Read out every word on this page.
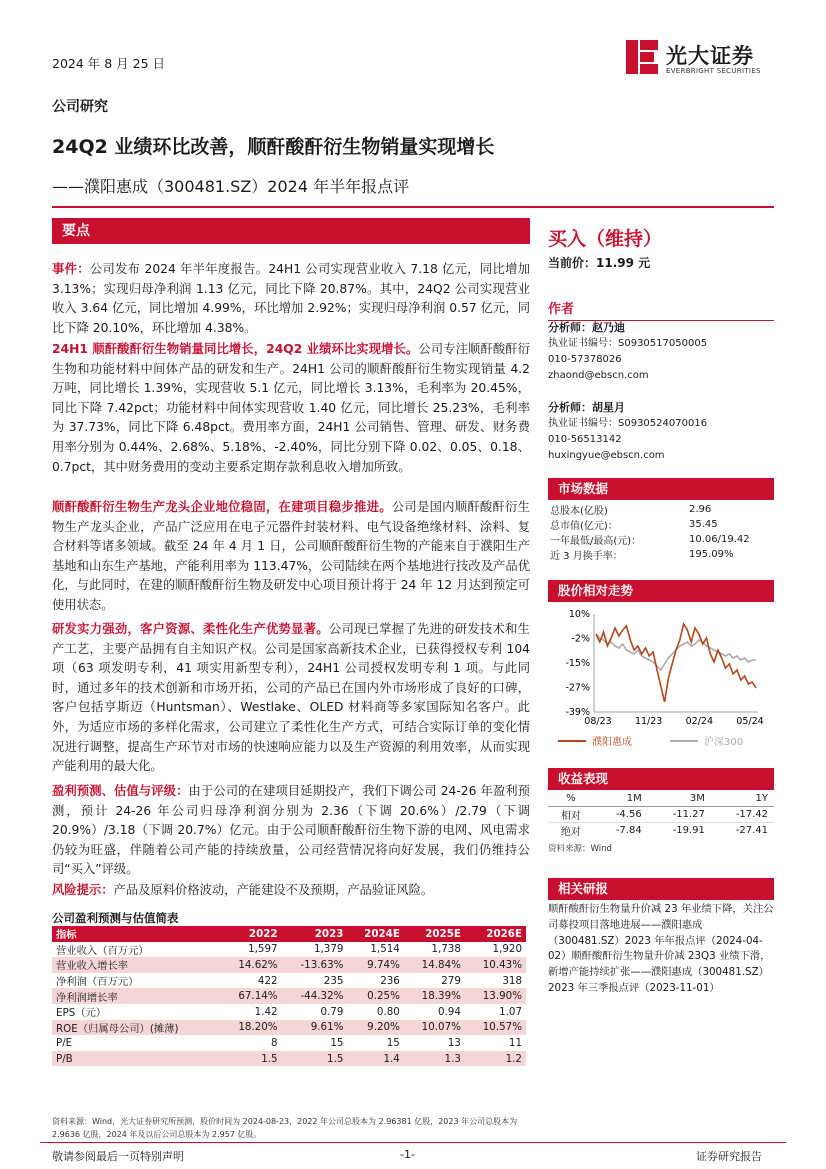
2024 年 8 月 25 日	光大证券
EVERBRIGHT SECURITIES
公司研究
24Q2 业绩环比改善，顺酐酸酐衍生物销量实现增长
——濮阳惠成（300481.SZ）2024 年半年报点评
要点
事件：公司发布 2024 年半年度报告。24H1 公司实现营业收入 7.18 亿元，同比增加 3.13%；实现归母净利润 1.13 亿元，同比下降 20.87%。其中，24Q2 公司实现营业收入 3.64 亿元，同比增加 4.99%，环比增加 2.92%；实现归母净利润 0.57 亿元，同比下降 20.10%，环比增加 4.38%。
24H1 顺酐酸酐衍生物销量同比增长，24Q2 业绩环比实现增长。公司专注顺酐酸酐衍生物和功能材料中间体产品的研发和生产。24H1 公司的顺酐酸酐衍生物实现销量 4.2 万吨，同比增长 1.39%，实现营收 5.1 亿元，同比增长 3.13%，毛利率为 20.45%，同比下降 7.42pct；功能材料中间体实现营收 1.40 亿元，同比增长 25.23%，毛利率为 37.73%，同比下降 6.48pct。费用率方面，24H1 公司销售、管理、研发、财务费用率分别为 0.44%、2.68%、5.18%、-2.40%，同比分别下降 0.02、0.05、0.18、0.7pct，其中财务费用的变动主要系定期存款利息收入增加所致。
顺酐酸酐衍生物生产龙头企业地位稳固，在建项目稳步推进。公司是国内顺酐酸酐衍生物生产龙头企业，产品广泛应用在电子元器件封装材料、电气设备绝缘材料、涂料、复合材料等诸多领域。截至 24 年 4 月 1 日，公司顺酐酸酐衍生物的产能来自于濮阳生产基地和山东生产基地，产能利用率为 113.47%，公司陆续在两个基地进行技改及产品优化，与此同时，在建的顺酐酸酐衍生物及研发中心项目预计将于 24 年 12 月达到预定可使用状态。
研发实力强劲，客户资源、柔性化生产优势显著。公司现已掌握了先进的研发技术和生产工艺，主要产品拥有自主知识产权。公司是国家高新技术企业，已获得授权专利 104 项（63 项发明专利，41 项实用新型专利），24H1 公司授权发明专利 1 项。与此同时，通过多年的技术创新和市场开拓，公司的产品已在国内外市场形成了良好的口碑，客户包括亨斯迈（Huntsman）、Westlake、OLED 材料商等多家国际知名客户。此外，为适应市场的多样化需求，公司建立了柔性化生产方式，可结合实际订单的变化情况进行调整，提高生产环节对市场的快速响应能力以及生产资源的利用效率，从而实现产能利用的最大化。
盈利预测、估值与评级：由于公司的在建项目延期投产，我们下调公司 24-26 年盈利预测，预计 24-26 年公司归母净利润分别为 2.36（下调 20.6%）/2.79（下调 20.9%）/3.18（下调 20.7%）亿元。由于公司顺酐酸酐衍生物下游的电网、风电需求仍较为旺盛，伴随着公司产能的持续放量，公司经营情况将向好发展，我们仍维持公司“买入”评级。
风险提示：产品及原料价格波动，产能建设不及预期，产品验证风险。
公司盈利预测与估值简表
指标	2022	2023	2024E	2025E	2026E
营业收入（百万元）	1,597	1,379	1,514	1,738	1,920
营业收入增长率	14.62%	-13.63%	9.74%	14.84%	10.43%
净利润（百万元）	422	235	236	279	318
净利润增长率	67.14%	-44.32%	0.25%	18.39%	13.90%
EPS（元）	1.42	0.79	0.80	0.94	1.07
ROE（归属母公司）(摊薄)	18.20%	9.61%	9.20%	10.07%	10.57%
P/E	8	15	15	13	11
P/B	1.5	1.5	1.4	1.3	1.2
资料来源：Wind，光大证券研究所预测，股价时间为 2024-08-23，2022 年公司总股本为 2.96381 亿股，2023 年公司总股本为 2.9636 亿股，2024 年及以后公司总股本为 2.957 亿股。
买入（维持）
当前价：11.99 元
作者
分析师：赵乃迪
执业证书编号：S0930517050005
010-57378026
zhaond@ebscn.com
分析师：胡星月
执业证书编号：S0930524070016
010-56513142
huxingyue@ebscn.com
市场数据
总股本(亿股)	2.96
总市值(亿元)：	35.45
一年最低/最高(元)：	10.06/19.42
近 3 月换手率：	195.09%
股价相对走势
10%
-2%
-15%
-27%
-39%
08/23 11/23 02/24 05/24
濮阳惠成	沪深300
收益表现
%	1M	3M	1Y
相对	-4.56	-11.27	-17.42
绝对	-7.84	-19.91	-27.41
资料来源：Wind
相关研报
顺酐酸酐衍生物量升价减 23 年业绩下降，关注公司募投项目落地进展——濮阳惠成（300481.SZ）2023 年年报点评（2024-04-02）顺酐酸酐衍生物量升价减 23Q3 业绩下滑，新增产能持续扩张——濮阳惠成（300481.SZ）2023 年三季报点评（2023-11-01）
敬请参阅最后一页特别声明	-1-	证券研究报告
